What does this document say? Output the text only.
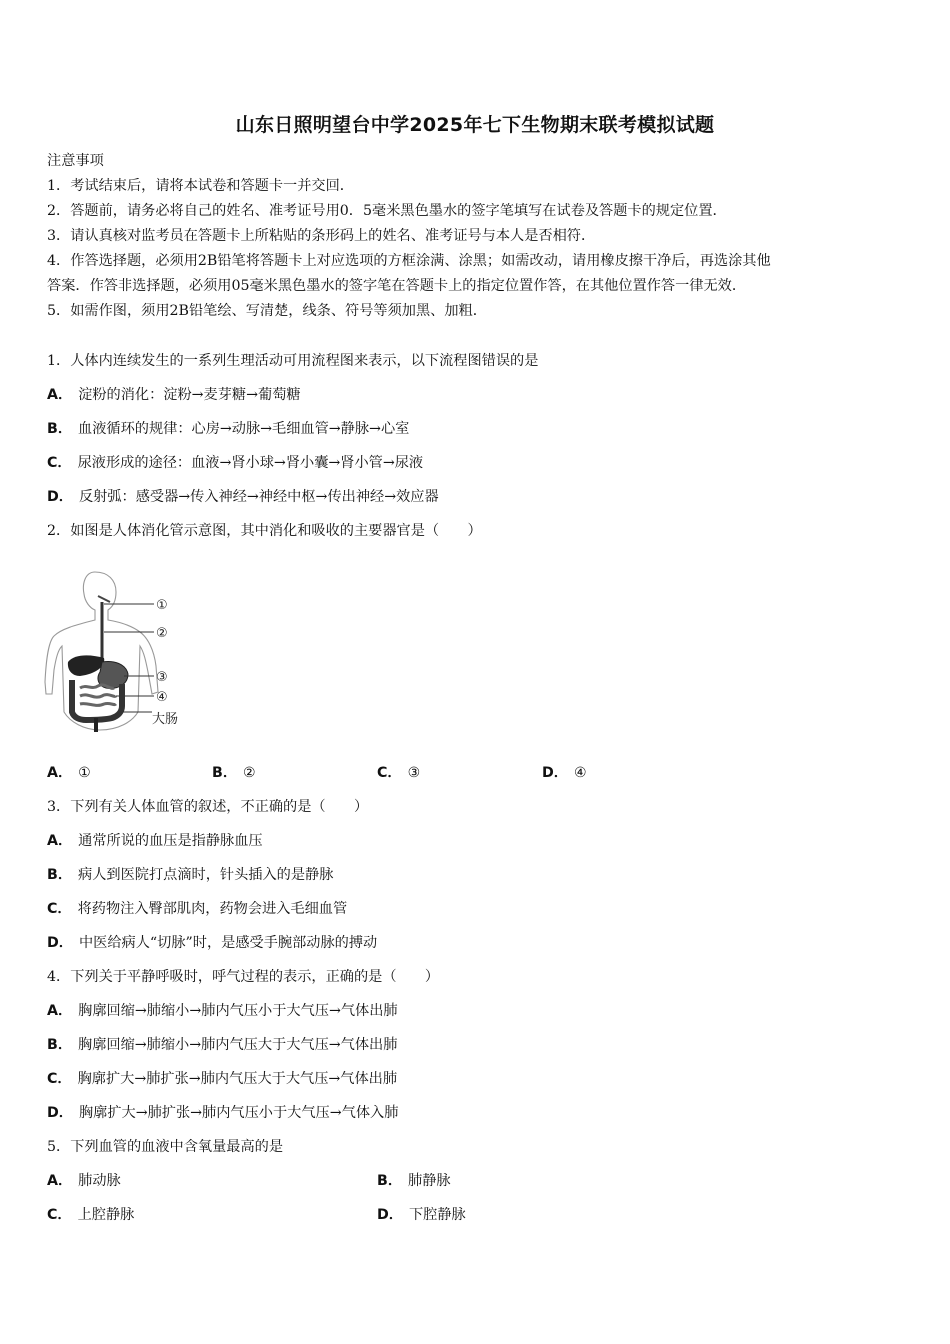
山东日照明望台中学2025年七下生物期末联考模拟试题
注意事项
1．考试结束后，请将本试卷和答题卡一并交回．
2．答题前，请务必将自己的姓名、准考证号用0．5毫米黑色墨水的签字笔填写在试卷及答题卡的规定位置．
3．请认真核对监考员在答题卡上所粘贴的条形码上的姓名、准考证号与本人是否相符．
4．作答选择题，必须用2B铅笔将答题卡上对应选项的方框涂满、涂黑；如需改动，请用橡皮擦干净后，再选涂其他
答案．作答非选择题，必须用05毫米黑色墨水的签字笔在答题卡上的指定位置作答，在其他位置作答一律无效．
5．如需作图，须用2B铅笔绘、写清楚，线条、符号等须加黑、加粗．
1．人体内连续发生的一系列生理活动可用流程图来表示，以下流程图错误的是
A． 淀粉的消化：淀粉→麦芽糖→葡萄糖
B． 血液循环的规律：心房→动脉→毛细血管→静脉→心室
C． 尿液形成的途径：血液→肾小球→肾小囊→肾小管→尿液
D． 反射弧：感受器→传入神经→神经中枢→传出神经→效应器
2．如图是人体消化管示意图，其中消化和吸收的主要器官是（　　）
①
②
③
④
大肠
A． ①	B． ②	C． ③	D． ④
3．下列有关人体血管的叙述，不正确的是（　　）
A． 通常所说的血压是指静脉血压
B． 病人到医院打点滴时，针头插入的是静脉
C． 将药物注入臀部肌肉，药物会进入毛细血管
D． 中医给病人“切脉”时，是感受手腕部动脉的搏动
4．下列关于平静呼吸时，呼气过程的表示，正确的是（　　）
A． 胸廓回缩→肺缩小→肺内气压小于大气压→气体出肺
B． 胸廓回缩→肺缩小→肺内气压大于大气压→气体出肺
C． 胸廓扩大→肺扩张→肺内气压大于大气压→气体出肺
D． 胸廓扩大→肺扩张→肺内气压小于大气压→气体入肺
5．下列血管的血液中含氧量最高的是
A． 肺动脉	B． 肺静脉
C． 上腔静脉	D． 下腔静脉
